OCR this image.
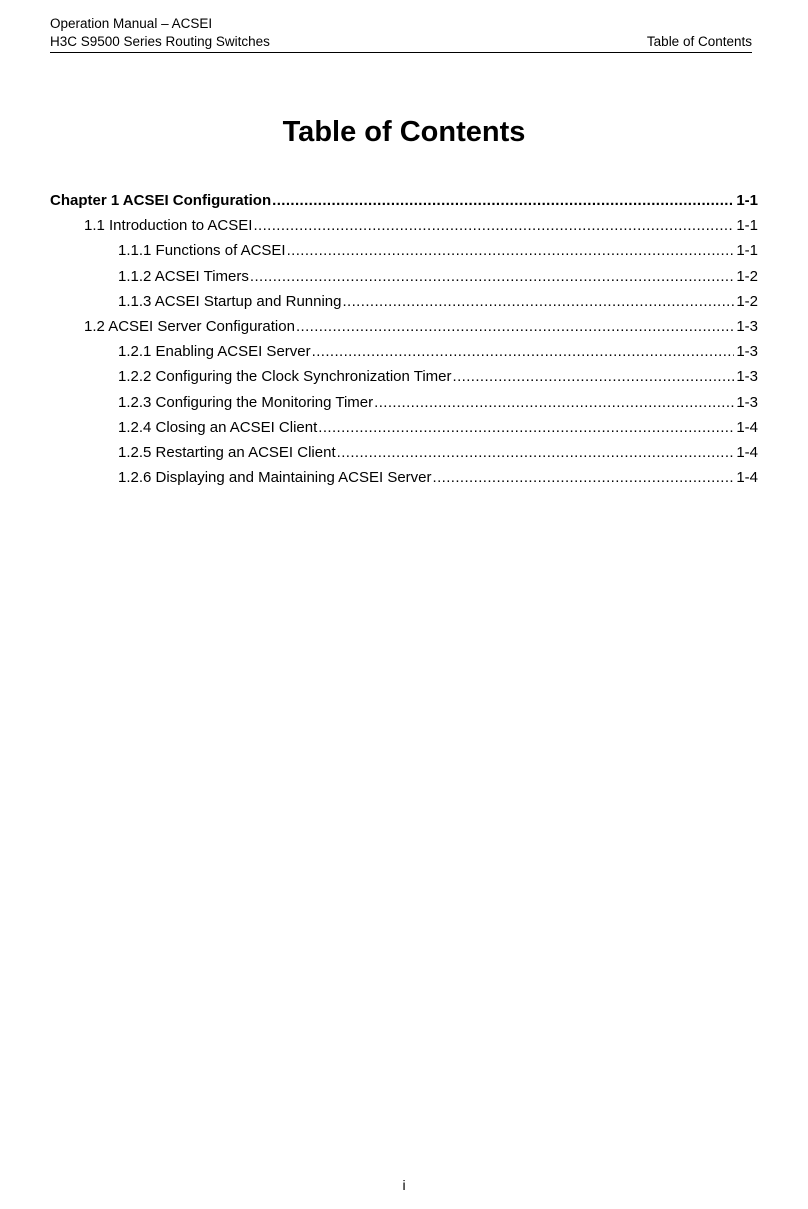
Operation Manual – ACSEI
H3C S9500 Series Routing Switches	Table of Contents
Table of Contents
Chapter 1 ACSEI Configuration .....	1-1
1.1 Introduction to ACSEI .....	1-1
1.1.1 Functions of ACSEI .....	1-1
1.1.2 ACSEI Timers .....	1-2
1.1.3 ACSEI Startup and Running .....	1-2
1.2 ACSEI Server Configuration .....	1-3
1.2.1 Enabling ACSEI Server .....	1-3
1.2.2 Configuring the Clock Synchronization Timer .....	1-3
1.2.3 Configuring the Monitoring Timer .....	1-3
1.2.4 Closing an ACSEI Client .....	1-4
1.2.5 Restarting an ACSEI Client .....	1-4
1.2.6 Displaying and Maintaining ACSEI Server .....	1-4
i
